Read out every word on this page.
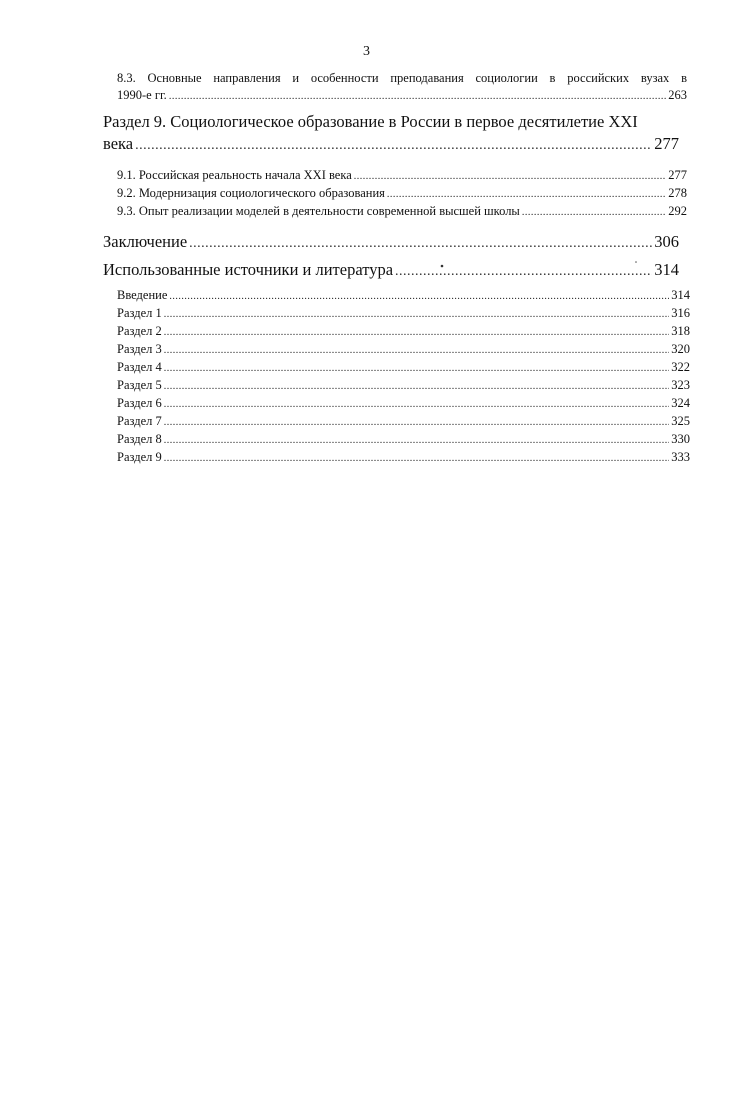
3
8.3. Основные направления и особенности преподавания социологии в российских вузах в
1990-е гг. .....	263
Раздел 9. Социологическое образование в России в первое десятилетие XXI
века .....	277
9.1. Российская реальность начала XXI века .....	277
9.2. Модернизация социологического образования .....	278
9.3. Опыт реализации моделей в деятельности современной высшей школы .....	292
Заключение .....	306
Использованные источники и литература .....	314
Введение .....	314
Раздел 1 .....	316
Раздел 2 .....	318
Раздел 3 .....	320
Раздел 4 .....	322
Раздел 5 .....	323
Раздел 6 .....	324
Раздел 7 .....	325
Раздел 8 .....	330
Раздел 9 .....	333
